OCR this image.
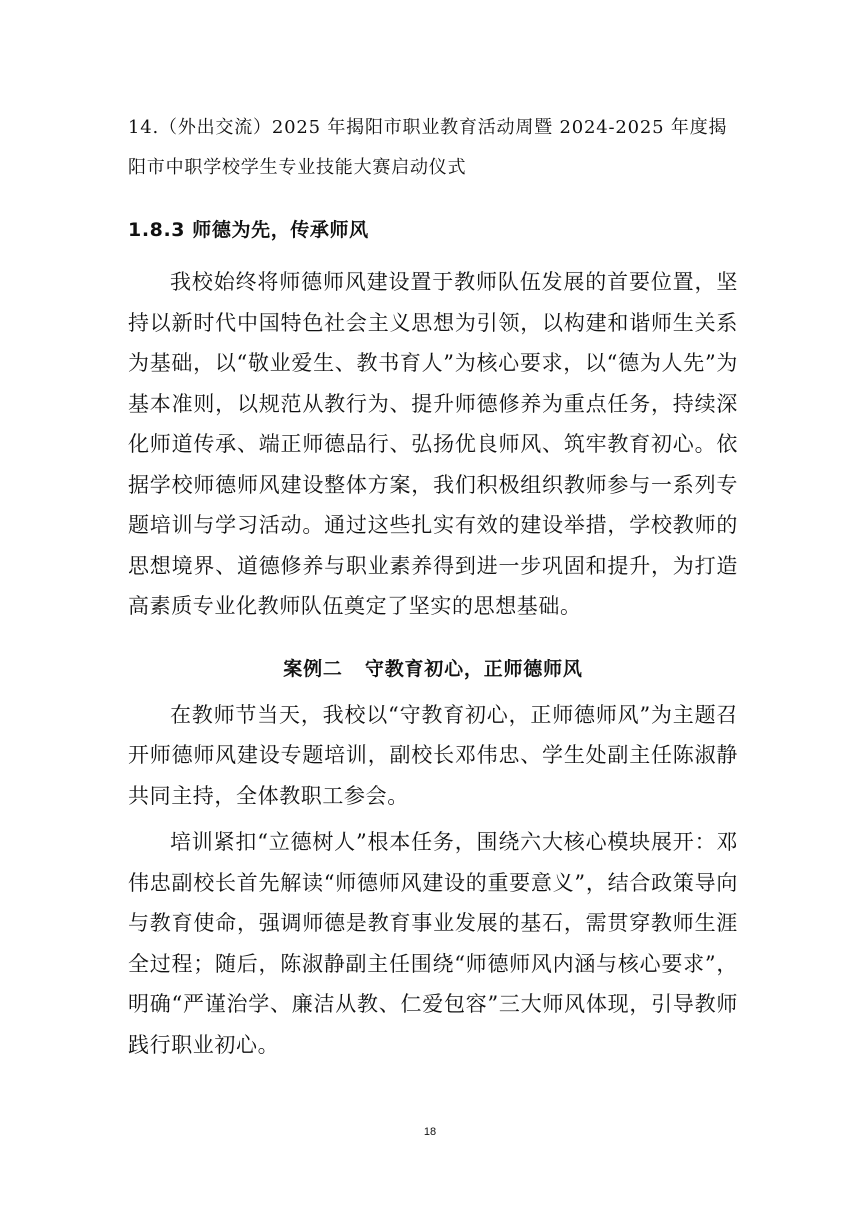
14.（外出交流）2025 年揭阳市职业教育活动周暨 2024-2025 年度揭
阳市中职学校学生专业技能大赛启动仪式
1.8.3 师德为先，传承师风

我校始终将师德师风建设置于教师队伍发展的首要位置，坚持以新时代中国特色社会主义思想为引领，以构建和谐师生关系为基础，以“敬业爱生、教书育人”为核心要求，以“德为人先”为基本准则，以规范从教行为、提升师德修养为重点任务，持续深化师道传承、端正师德品行、弘扬优良师风、筑牢教育初心。依据学校师德师风建设整体方案，我们积极组织教师参与一系列专题培训与学习活动。通过这些扎实有效的建设举措，学校教师的思想境界、道德修养与职业素养得到进一步巩固和提升，为打造高素质专业化教师队伍奠定了坚实的思想基础。

案例二   守教育初心，正师德师风

在教师节当天，我校以“守教育初心，正师德师风”为主题召开师德师风建设专题培训，副校长邓伟忠、学生处副主任陈淑静共同主持，全体教职工参会。

培训紧扣“立德树人”根本任务，围绕六大核心模块展开：邓伟忠副校长首先解读“师德师风建设的重要意义”，结合政策导向与教育使命，强调师德是教育事业发展的基石，需贯穿教师生涯全过程；随后，陈淑静副主任围绕“师德师风内涵与核心要求”，明确“严谨治学、廉洁从教、仁爱包容”三大师风体现，引导教师践行职业初心。

18
